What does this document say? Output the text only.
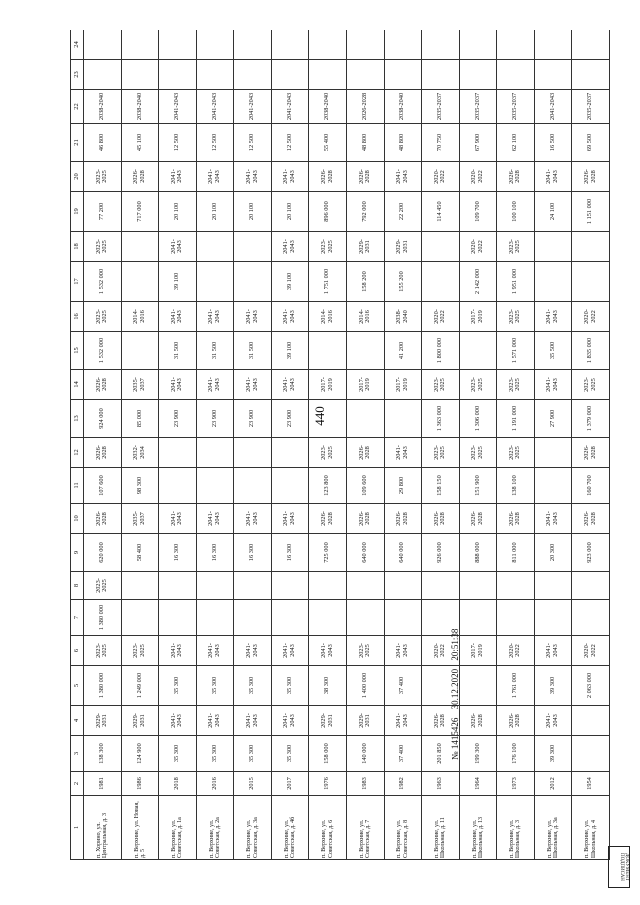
440
1	2	3	4	5	6	7	8	9	10	11	12	13	14	15	16	17	18	19	20	21	22	23	24
п. Хорино, ул. Центральная, д. 3	1981	138 300	2029-2031	1 380 000	2023-2025	1 380 000	2023-2025	620 000	2026-2028	107 600	2026-2028	924 000	2026-2028	1 532 000	2023-2025	1 532 000	2023-2025	77 200	2023-2025	46 800	2038-2040		
п. Верхние, ул. Новая, д. 5	1986	124 900	2029-2031	1 249 000	2023-2025			58 400	2035-2037	98 300	2032-2034	85 000	2035-2037		2014-2016			717 000	2026-2028	45 100	2038-2040		
п. Верхние, ул. Советская, д. 1а	2018	35 300	2041-2043	35 300	2041-2043			16 300	2041-2043			23 900	2041-2043	31 500	2041-2043	39 100	2041-2043	20 100	2041-2043	12 500	2041-2043		
п. Верхние, ул. Советская, д. 2а	2016	35 300	2041-2043	35 300	2041-2043			16 300	2041-2043			23 900	2041-2043	31 500	2041-2043			20 100	2041-2043	12 500	2041-2043		
п. Верхние, ул. Советская, д. 3а	2015	35 300	2041-2043	35 300	2041-2043			16 300	2041-2043			23 900	2041-2043	31 500	2041-2043			20 100	2041-2043	12 500	2041-2043		
п. Верхние, ул. Советская, д. 4б	2017	35 300	2041-2043	35 300	2041-2043			16 300	2041-2043			23 900	2041-2043	39 100	2041-2043	39 100	2041-2043	20 100	2041-2043	12 500	2041-2043		
п. Верхние, ул. Советская, д. 6	1976	158 000	2029-2031	38 300	2041-2043			725 000	2026-2028	123 800	2023-2025		2017-2019		2014-2016	1 751 000	2023-2025	896 000	2026-2028	55 400	2038-2040		
п. Верхние, ул. Советская, д. 7	1983	140 000	2029-2031	1 400 000	2023-2025			640 000	2026-2028	109 600	2026-2028		2017-2019		2014-2016	158 200	2029-2031	792 000	2026-2028	48 800	2026-2028		
п. Верхние, ул. Советская, д. 8	1982	37 400	2041-2043	37 400	2041-2043			640 000	2026-2028	29 800	2041-2043		2017-2019	41 200	2038-2040	155 200	2029-2031	22 200	2041-2043	48 800	2038-2040		
п. Верхние, ул. Школьная, д. 11	1963	201 850	2026-2028		2020-2022			926 000	2026-2028	158 150	2023-2025	1 363 000	2023-2025	1 800 000	2020-2022			114 450	2020-2022	70 750	2035-2037		
п. Верхние, ул. Школьная, д. 13	1964	199 300	2026-2028		2017-2019			888 000	2026-2028	151 900	2023-2025	1 306 000	2023-2025		2017-2019	2 142 000	2020-2022	109 700	2020-2022	67 900	2035-2037		
п. Верхние, ул. Школьная, д. 3	1973	176 100	2026-2028	1 761 000	2020-2022			811 000	2026-2028	138 100	2023-2025	1 191 000	2023-2025	1 571 000	2023-2025	1 951 000	2023-2025	100 100	2026-2028	62 100	2035-2037		
п. Верхние, ул. Школьная, д. 3а	2012	39 300	2041-2043	39 300	2041-2043			20 300	2041-2043			27 900	2041-2043	35 500	2041-2043			24 100	2041-2043	16 500	2041-2043		
п. Верхние, ул. Школьная, д. 4	1954			2 063 000	2020-2022			923 000	2026-2028	160 700	2026-2028	1 379 000	2023-2025	1 835 000	2020-2022			1 151 000	2026-2028	69 500	2035-2037		
№ 1415426 30.12.2020 20:51:38
ДОКУМЕНТ ПОДПИСАН
